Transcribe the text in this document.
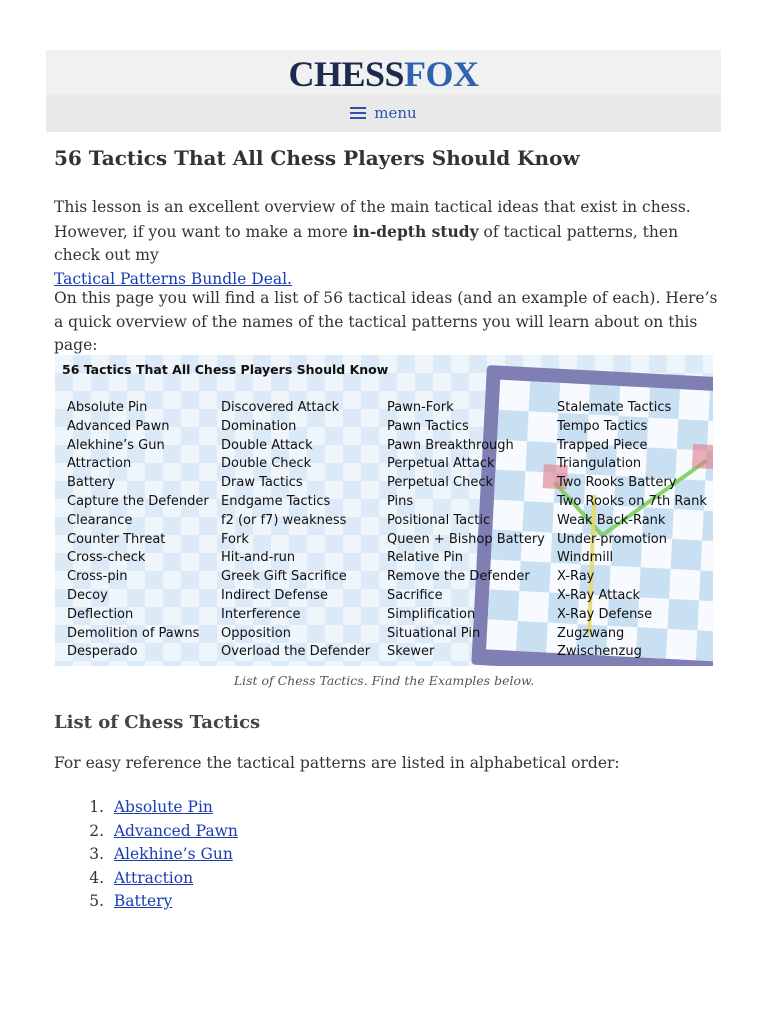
CHESSFOX
menu
56 Tactics That All Chess Players Should Know

This lesson is an excellent overview of the main tactical ideas that exist in chess. However, if you want to make a more in-depth study of tactical patterns, then check out my
Tactical Patterns Bundle Deal.

On this page you will find a list of 56 tactical ideas (and an example of each). Here’s a quick overview of the names of the tactical patterns you will learn about on this page:

56 Tactics That All Chess Players Should Know
Absolute Pin
Advanced Pawn
Alekhine’s Gun
Attraction
Battery
Capture the Defender
Clearance
Counter Threat
Cross-check
Cross-pin
Decoy
Deflection
Demolition of Pawns
Desperado
Discovered Attack
Domination
Double Attack
Double Check
Draw Tactics
Endgame Tactics
f2 (or f7) weakness
Fork
Hit-and-run
Greek Gift Sacrifice
Indirect Defense
Interference
Opposition
Overload the Defender
Pawn-Fork
Pawn Tactics
Pawn Breakthrough
Perpetual Attack
Perpetual Check
Pins
Positional Tactic
Queen + Bishop Battery
Relative Pin
Remove the Defender
Sacrifice
Simplification
Situational Pin
Skewer
Stalemate Tactics
Tempo Tactics
Trapped Piece
Triangulation
Two Rooks Battery
Two Rooks on 7th Rank
Weak Back-Rank
Under-promotion
Windmill
X-Ray
X-Ray Attack
X-Ray Defense
Zugzwang
Zwischenzug
List of Chess Tactics. Find the Examples below.
List of Chess Tactics

For easy reference the tactical patterns are listed in alphabetical order:

1.
Absolute Pin
2.
Advanced Pawn
3.
Alekhine’s Gun
4.
Attraction
5.
Battery
